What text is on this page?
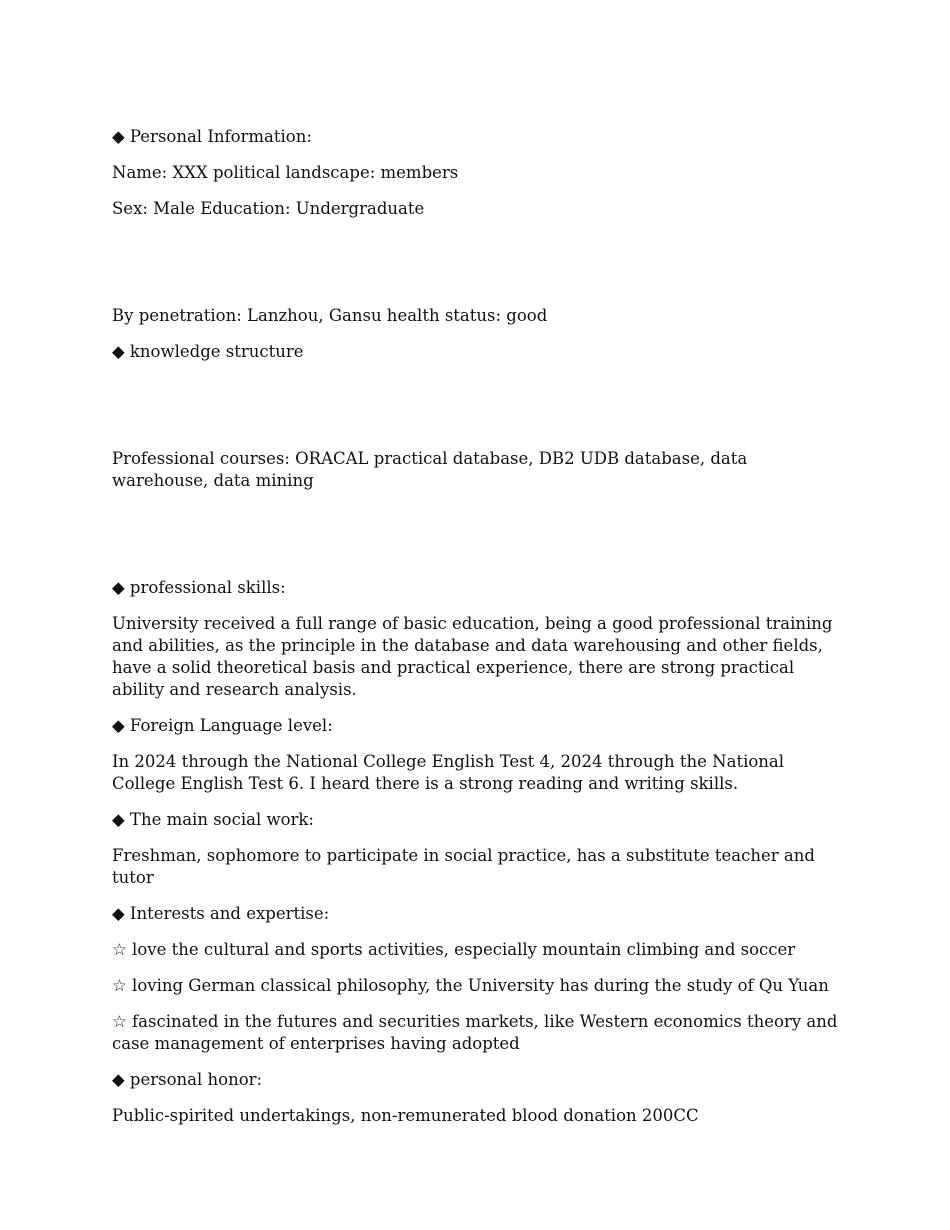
◆ Personal Information:

Name: XXX political landscape: members

Sex: Male Education: Undergraduate

By penetration: Lanzhou, Gansu health status: good

◆ knowledge structure

Professional courses: ORACAL practical database, DB2 UDB database, data warehouse, data mining

◆ professional skills:

University received a full range of basic education, being a good professional training and abilities, as the principle in the database and data warehousing and other fields, have a solid theoretical basis and practical experience, there are strong practical ability and research analysis.

◆ Foreign Language level:

In 2024 through the National College English Test 4, 2024 through the National College English Test 6. I heard there is a strong reading and writing skills.

◆ The main social work:

Freshman, sophomore to participate in social practice, has a substitute teacher and tutor

◆ Interests and expertise:

☆ love the cultural and sports activities, especially mountain climbing and soccer

☆ loving German classical philosophy, the University has during the study of Qu Yuan

☆ fascinated in the futures and securities markets, like Western economics theory and case management of enterprises having adopted

◆ personal honor:

Public-spirited undertakings, non-remunerated blood donation 200CC
